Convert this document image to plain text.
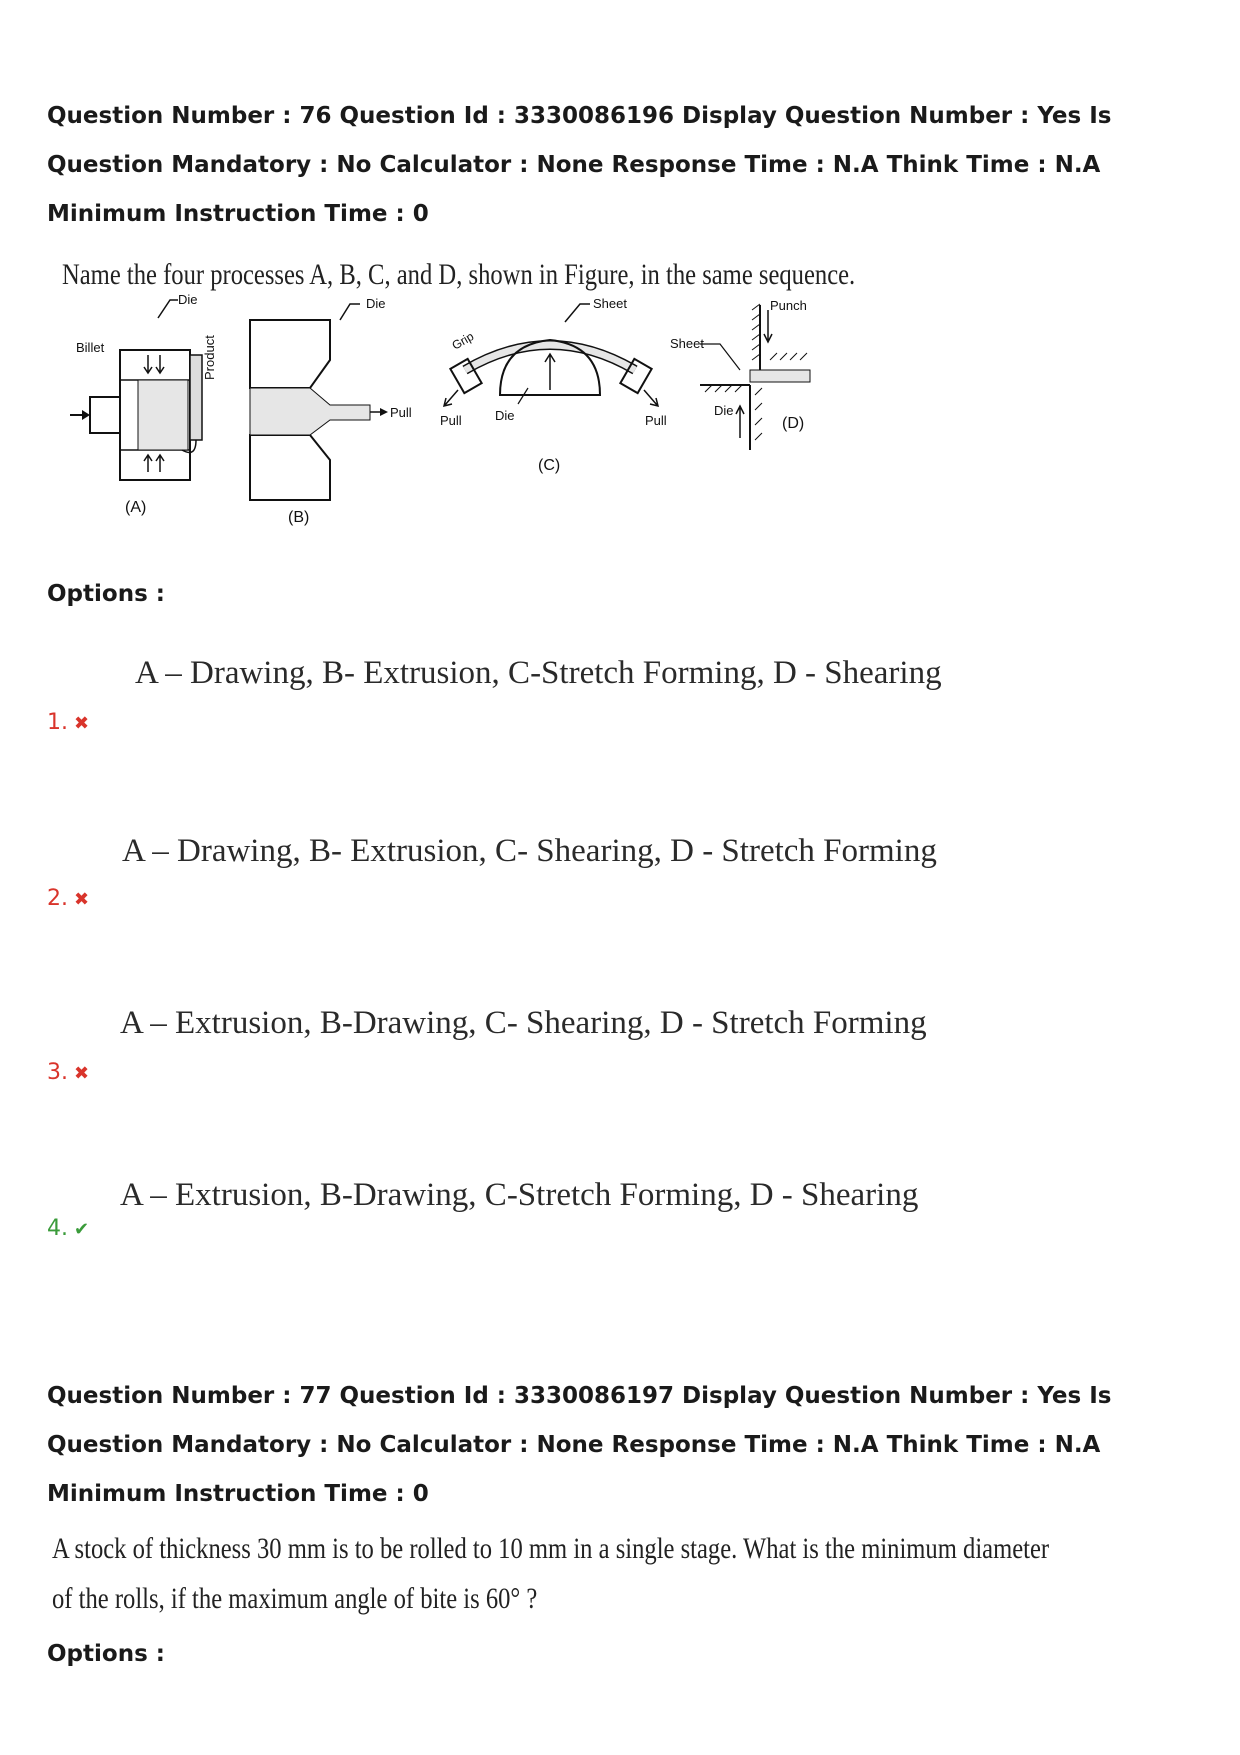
Question Number : 76 Question Id : 3330086196 Display Question Number : Yes Is Question Mandatory : No Calculator : None Response Time : N.A Think Time : N.A Minimum Instruction Time : 0
Name the four processes A, B, C, and D, shown in Figure, in the same sequence.
Die
Billet	Product
(A)
Die
Pull
(B)
Sheet
Grip
Pull	Die	Pull
(C)
Punch
Sheet
Die
(D)
Options :
A – Drawing, B- Extrusion, C-Stretch Forming, D - Shearing
1. ✖
A – Drawing, B- Extrusion, C- Shearing, D - Stretch Forming
2. ✖
A – Extrusion, B-Drawing, C- Shearing, D - Stretch Forming
3. ✖
A – Extrusion, B-Drawing, C-Stretch Forming, D - Shearing
4. ✔
Question Number : 77 Question Id : 3330086197 Display Question Number : Yes Is Question Mandatory : No Calculator : None Response Time : N.A Think Time : N.A Minimum Instruction Time : 0
A stock of thickness 30 mm is to be rolled to 10 mm in a single stage. What is the minimum diameter
of the rolls, if the maximum angle of bite is 60° ?
Options :
